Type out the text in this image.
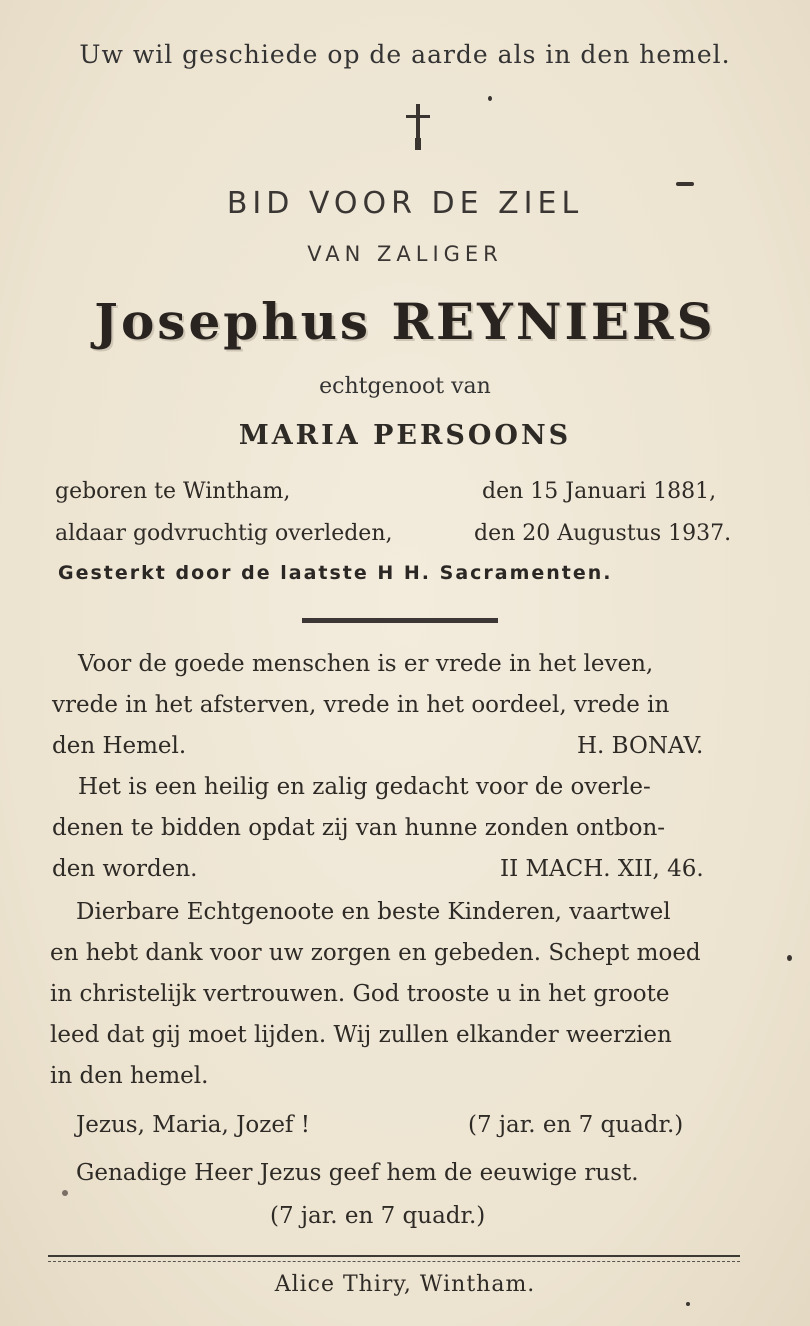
Uw wil geschiede op de aarde als in den hemel.
BID VOOR DE ZIEL
VAN ZALIGER
Josephus REYNIERS
echtgenoot van
MARIA PERSOONS
geboren te Wintham,	den 15 Januari 1881,
aldaar godvruchtig overleden,	den 20 Augustus 1937.
Gesterkt door de laatste H H. Sacramenten.
Voor de goede menschen is er vrede in het leven,
vrede in het afsterven, vrede in het oordeel, vrede in
den Hemel.	H. BONAV.
Het is een heilig en zalig gedacht voor de overle-
denen te bidden opdat zij van hunne zonden ontbon-
den worden.	II MACH. XII, 46.
Dierbare Echtgenoote en beste Kinderen, vaartwel
en hebt dank voor uw zorgen en gebeden. Schept moed
in christelijk vertrouwen. God trooste u in het groote
leed dat gij moet lijden. Wij zullen elkander weerzien
in den hemel.
Jezus, Maria, Jozef !	(7 jar. en 7 quadr.)
Genadige Heer Jezus geef hem de eeuwige rust.
(7 jar. en 7 quadr.)
Alice Thiry, Wintham.
